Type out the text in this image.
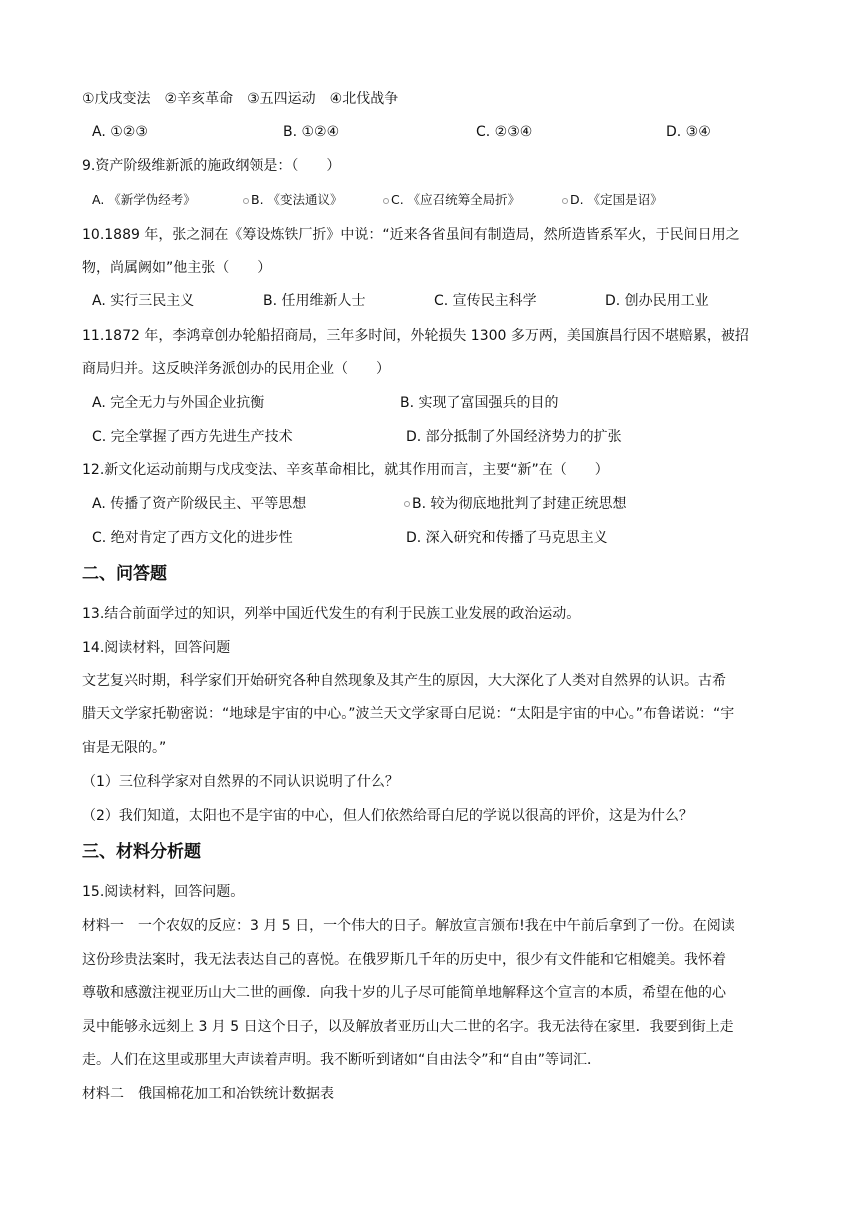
①戊戌变法　②辛亥革命　③五四运动　④北伐战争
A. ①②③	B. ①②④	C. ②③④	D. ③④
9.资产阶级维新派的施政纲领是：（　　）
A. 《新学伪经考》	B. 《变法通议》	C. 《应召统筹全局折》	D. 《定国是诏》
10.1889 年，张之洞在《筹设炼铁厂折》中说：“近来各省虽间有制造局，然所造皆系军火，于民间日用之
物，尚属阙如”他主张（　　）
A. 实行三民主义	B. 任用维新人士	C. 宣传民主科学	D. 创办民用工业
11.1872 年，李鸿章创办轮船招商局，三年多时间，外轮损失 1300 多万两，美国旗昌行因不堪赔累，被招
商局归并。这反映洋务派创办的民用企业（　　）
A. 完全无力与外国企业抗衡	B. 实现了富国强兵的目的
C. 完全掌握了西方先进生产技术	D. 部分抵制了外国经济势力的扩张
12.新文化运动前期与戊戌变法、辛亥革命相比，就其作用而言，主要“新”在（　　）
A. 传播了资产阶级民主、平等思想	B. 较为彻底地批判了封建正统思想
C. 绝对肯定了西方文化的进步性	D. 深入研究和传播了马克思主义
二、问答题
13.结合前面学过的知识，列举中国近代发生的有利于民族工业发展的政治运动。
14.阅读材料，回答问题
文艺复兴时期，科学家们开始研究各种自然现象及其产生的原因，大大深化了人类对自然界的认识。古希
腊天文学家托勒密说：“地球是宇宙的中心。”波兰天文学家哥白尼说：“太阳是宇宙的中心。”布鲁诺说：“宇
宙是无限的。”
（1）三位科学家对自然界的不同认识说明了什么？
（2）我们知道，太阳也不是宇宙的中心，但人们依然给哥白尼的学说以很高的评价，这是为什么？
三、材料分析题
15.阅读材料，回答问题。
材料一　一个农奴的反应：3 月 5 日，一个伟大的日子。解放宣言颁布!我在中午前后拿到了一份。在阅读
这份珍贵法案时，我无法表达自己的喜悦。在俄罗斯几千年的历史中，很少有文件能和它相媲美。我怀着
尊敬和感激注视亚历山大二世的画像．向我十岁的儿子尽可能简单地解释这个宣言的本质，希望在他的心
灵中能够永远刻上 3 月 5 日这个日子，以及解放者亚历山大二世的名字。我无法待在家里．我要到街上走
走。人们在这里或那里大声读着声明。我不断听到诸如“自由法令”和“自由”等词汇．
材料二　俄国棉花加工和冶铁统计数据表
